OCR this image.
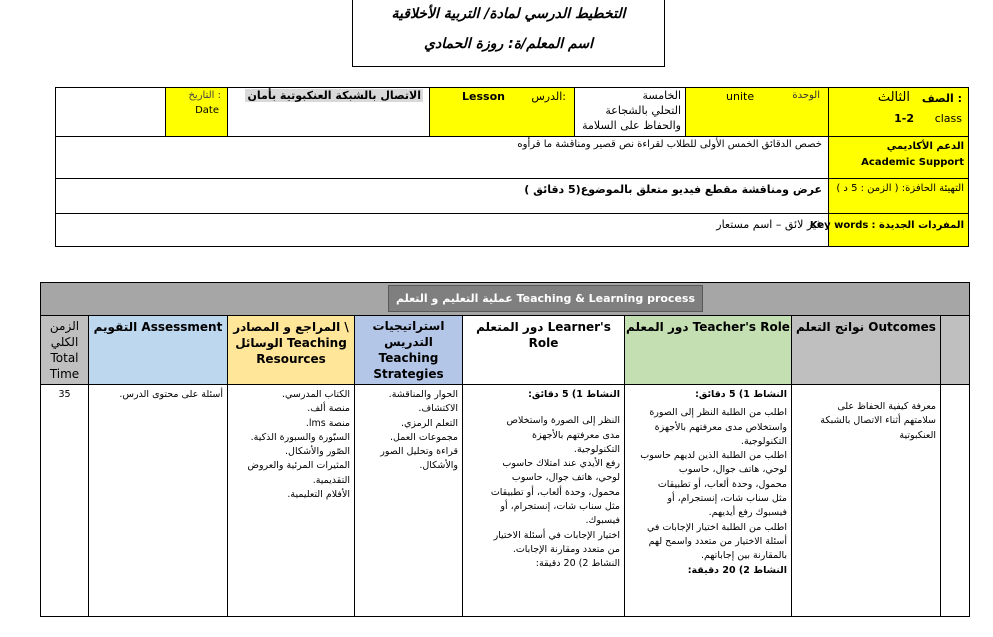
التخطيط الدرسي لمادة/ التربية الأخلاقية
اسم المعلم/ة: روزة الحمادي
الصف :
الثالث
class
1-2
الوحدة
unite
الخامسة
التحلي بالشجاعة
والحفاظ على السلامة
الدرس:
Lesson
الاتصال بالشبكة العنكبوتية بأمان
التاريخ :
Date
الدعم الأكاديمي
Academic Support
خصص الدقائق الخمس الأولى للطلاب لقراءة نص قصير ومناقشة ما قرأوه
التهيئة الحافزة: ( الزمن : 5 د )
عرض ومناقشة مقطع فيديو متعلق بالموضوع(5 دقائق )
المفردات الجديدة : Key words
غير لائق – اسم مستعار
عملية التعليم و التعلم Teaching & Learning process
نواتج التعلم Outcomes
دور المعلم Teacher's Role
دور المتعلم Learner's Role
استراتيجيات
التدريس
Teaching
Strategies
المراجع و المصادر \
الوسائل Teaching
Resources
التقويم Assessment
الزمن
الكلي
Total
Time
معرفة كيفية الحفاظ على
سلامتهم أثناء الاتصال بالشبكة
العنكبوتية
النشاط 1) 5 دقائق:
اطلب من الطلبة النظر إلى الصورة
واستخلاص مدى معرفتهم بالأجهزة
التكنولوجية.
اطلب من الطلبة الذين لديهم حاسوب
لوحي، هاتف جوال، حاسوب
محمول، وحدة ألعاب، أو تطبيقات
مثل سناب شات، إنستجرام، أو
فيسبوك رفع أيديهم.
اطلب من الطلبة اختيار الإجابات في
أسئلة الاختيار من متعدد واسمح لهم
بالمقارنة بين إجاباتهم.
النشاط 2) 20 دقيقة:
النشاط 1) 5 دقائق:
النظر إلى الصورة واستخلاص
مدى معرفتهم بالأجهزة
التكنولوجية.
رفع الأيدي عند امتلاك حاسوب
لوحي، هاتف جوال، حاسوب
محمول، وحدة ألعاب، أو تطبيقات
مثل سناب شات، إنستجرام، أو
فيسبوك.
اختيار الإجابات في أسئلة الاختيار
من متعدد ومقارنة الإجابات.
النشاط 2) 20 دقيقة:
الحوار والمناقشة.
الاكتشاف.
التعلم الرمزي.
مجموعات العمل.
قراءة وتحليل الصور
والأشكال.
الكتاب المدرسي.
منصة ألف.
منصة lms.
السبّورة والسبورة الذكية.
الصّور والأشكال.
المثيرات المرئية والعروض
التقديمية.
الأفلام التعليمية.
أسئلة على محتوى الدرس.
35
